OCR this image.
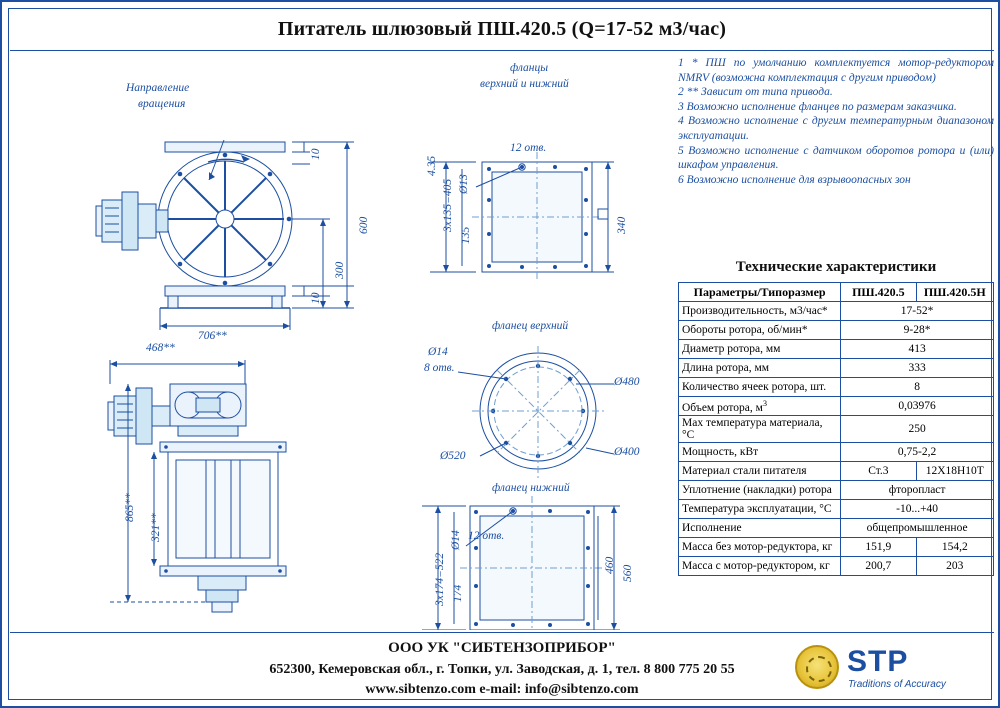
Питатель шлюзовый ПШ.420.5 (Q=17-52 м3/час)
1 * ПШ по умолчанию комплектуется мотор-редуктором NMRV (возможна комплектация с другим приводом)
2 ** Зависит от типа привода.
3 Возможно исполнение фланцев по размерам заказчика.
4 Возможно исполнение с другим температурным диапазоном эксплуатации.
5 Возможно исполнение с датчиком оборотов ротора и (или) шкафом управления.
6 Возможно исполнение для взрывоопасных зон
Технические характеристики
Параметры/Типоразмер	ПШ.420.5	ПШ.420.5Н
Производительность, м3/час*	17-52*	
Обороты ротора, об/мин*	9-28*	
Диаметр ротора, мм	413	
Длина ротора, мм	333	
Количество ячеек ротора, шт.	8	
Объем ротора, $м^3$	0,03976	
Мах температура материала, °С	250	
Мощность, кВт	0,75-2,2	
Материал стали питателя	Ст.3	12Х18Н10Т
Уплотнение (накладки) ротора	фторопласт	
Температура эксплуатации, °С	-10...+40	
Исполнение	общепромышленное	
Масса без мотор-редуктора, кг	151,9	154,2
Масса с мотор-редуктором, кг	200,7	203
Направление
вращения
фланцы
верхний и нижний
фланец верхний
фланец нижний
600
300
10
10
706**
468**
865**
321**
3х135=405
135
4.35
Ø13
12 отв.
340
Ø14
8 отв.
Ø480
Ø520	Ø400
3х174=522 174
Ø14 12 отв.
460 560
ООО УК "СИБТЕНЗОПРИБОР"
652300, Кемеровская обл., г. Топки, ул. Заводская, д. 1, тел. 8 800 775 20 55
www.sibtenzo.com e-mail: info@sibtenzo.com
STP
Traditions of Accuracy
